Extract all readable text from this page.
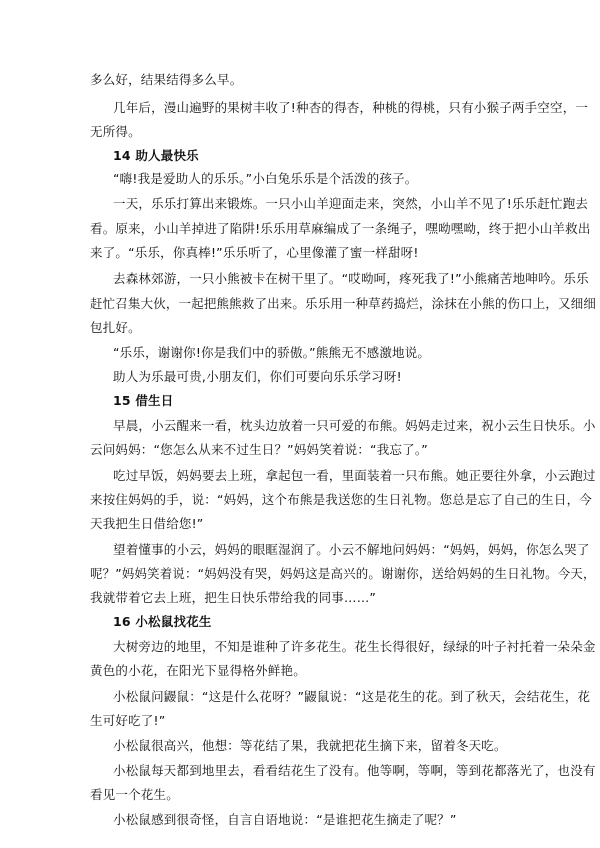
多么好，结果结得多么早。
几年后，漫山遍野的果树丰收了!种杏的得杏，种桃的得桃，只有小猴子两手空空，一
无所得。
14 助人最快乐
“嗨!我是爱助人的乐乐。”小白兔乐乐是个活泼的孩子。
一天，乐乐打算出来锻炼。一只小山羊迎面走来，突然，小山羊不见了!乐乐赶忙跑去
看。原来，小山羊掉进了陷阱!乐乐用草麻编成了一条绳子，嘿呦嘿呦，终于把小山羊救出
来了。“乐乐，你真棒!”乐乐听了，心里像灌了蜜一样甜呀!
去森林郊游，一只小熊被卡在树干里了。“哎呦呵，疼死我了!”小熊痛苦地呻吟。乐乐
赶忙召集大伙，一起把熊熊救了出来。乐乐用一种草药捣烂，涂抹在小熊的伤口上，又细细
包扎好。
“乐乐，谢谢你!你是我们中的骄傲。”熊熊无不感激地说。
助人为乐最可贵,小朋友们，你们可要向乐乐学习呀!
15 借生日
早晨，小云醒来一看，枕头边放着一只可爱的布熊。妈妈走过来，祝小云生日快乐。小
云问妈妈：“您怎么从来不过生日？”妈妈笑着说：“我忘了。”
吃过早饭，妈妈要去上班，拿起包一看，里面装着一只布熊。她正要往外拿，小云跑过
来按住妈妈的手，说：“妈妈，这个布熊是我送您的生日礼物。您总是忘了自己的生日，今
天我把生日借给您!”
望着懂事的小云，妈妈的眼眶湿润了。小云不解地问妈妈：“妈妈，妈妈，你怎么哭了
呢？”妈妈笑着说：“妈妈没有哭，妈妈这是高兴的。谢谢你，送给妈妈的生日礼物。今天，
我就带着它去上班，把生日快乐带给我的同事……”
16 小松鼠找花生
大树旁边的地里，不知是谁种了许多花生。花生长得很好，绿绿的叶子衬托着一朵朵金
黄色的小花，在阳光下显得格外鲜艳。
小松鼠问鼹鼠：“这是什么花呀？”鼹鼠说：“这是花生的花。到了秋天，会结花生，花
生可好吃了!”
小松鼠很高兴，他想：等花结了果，我就把花生摘下来，留着冬天吃。
小松鼠每天都到地里去，看看结花生了没有。他等啊，等啊，等到花都落光了，也没有
看见一个花生。
小松鼠感到很奇怪，自言自语地说：“是谁把花生摘走了呢？”
